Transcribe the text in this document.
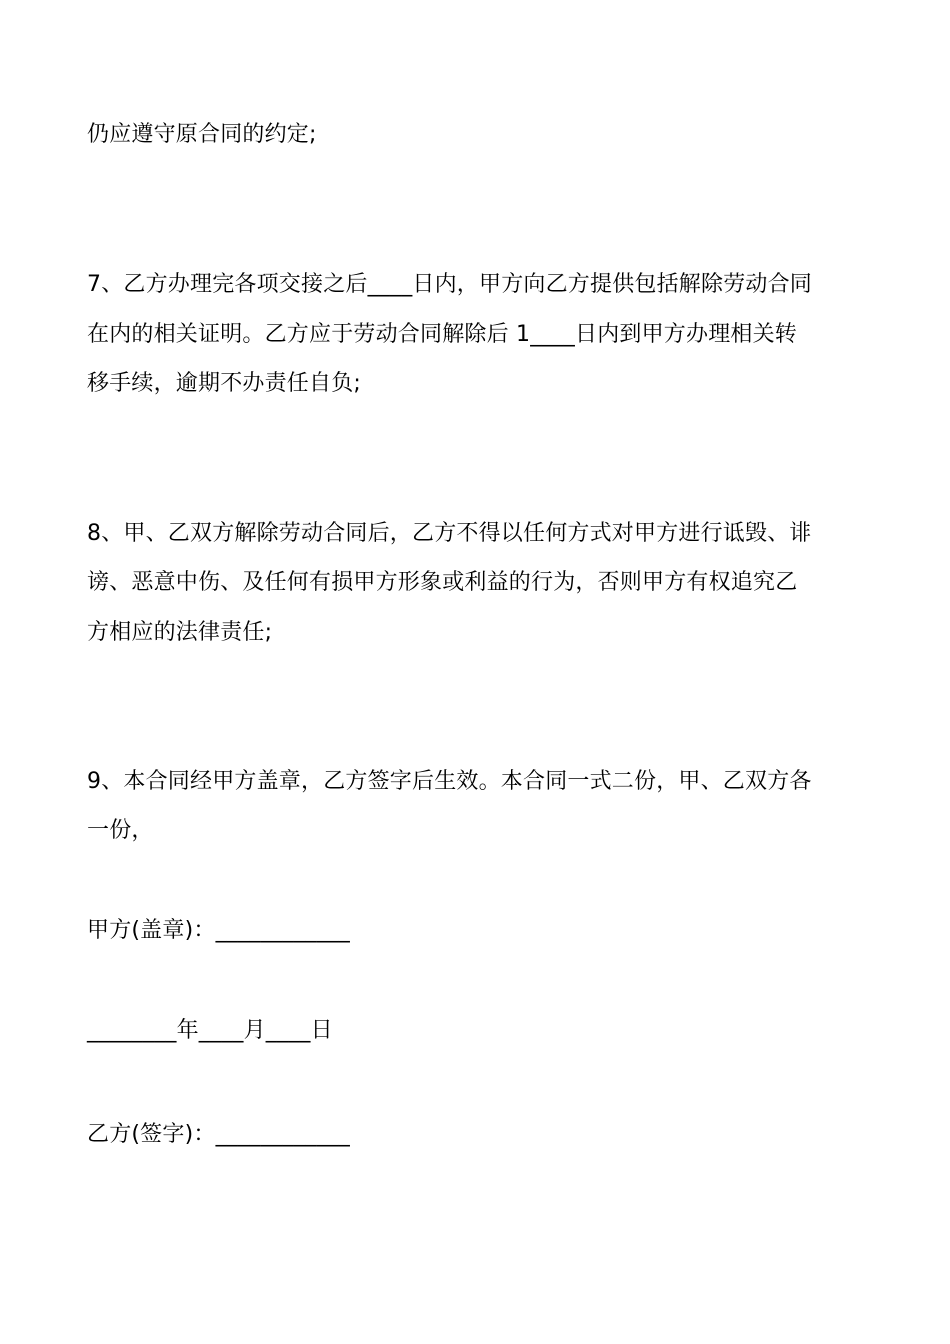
仍应遵守原合同的约定;
7、乙方办理完各项交接之后____日内，甲方向乙方提供包括解除劳动合同
在内的相关证明。乙方应于劳动合同解除后 1____日内到甲方办理相关转
移手续，逾期不办责任自负;
8、甲、乙双方解除劳动合同后，乙方不得以任何方式对甲方进行诋毁、诽
谤、恶意中伤、及任何有损甲方形象或利益的行为，否则甲方有权追究乙
方相应的法律责任;
9、本合同经甲方盖章，乙方签字后生效。本合同一式二份，甲、乙双方各
一份，
甲方(盖章)：____________
________年____月____日
乙方(签字)：____________
